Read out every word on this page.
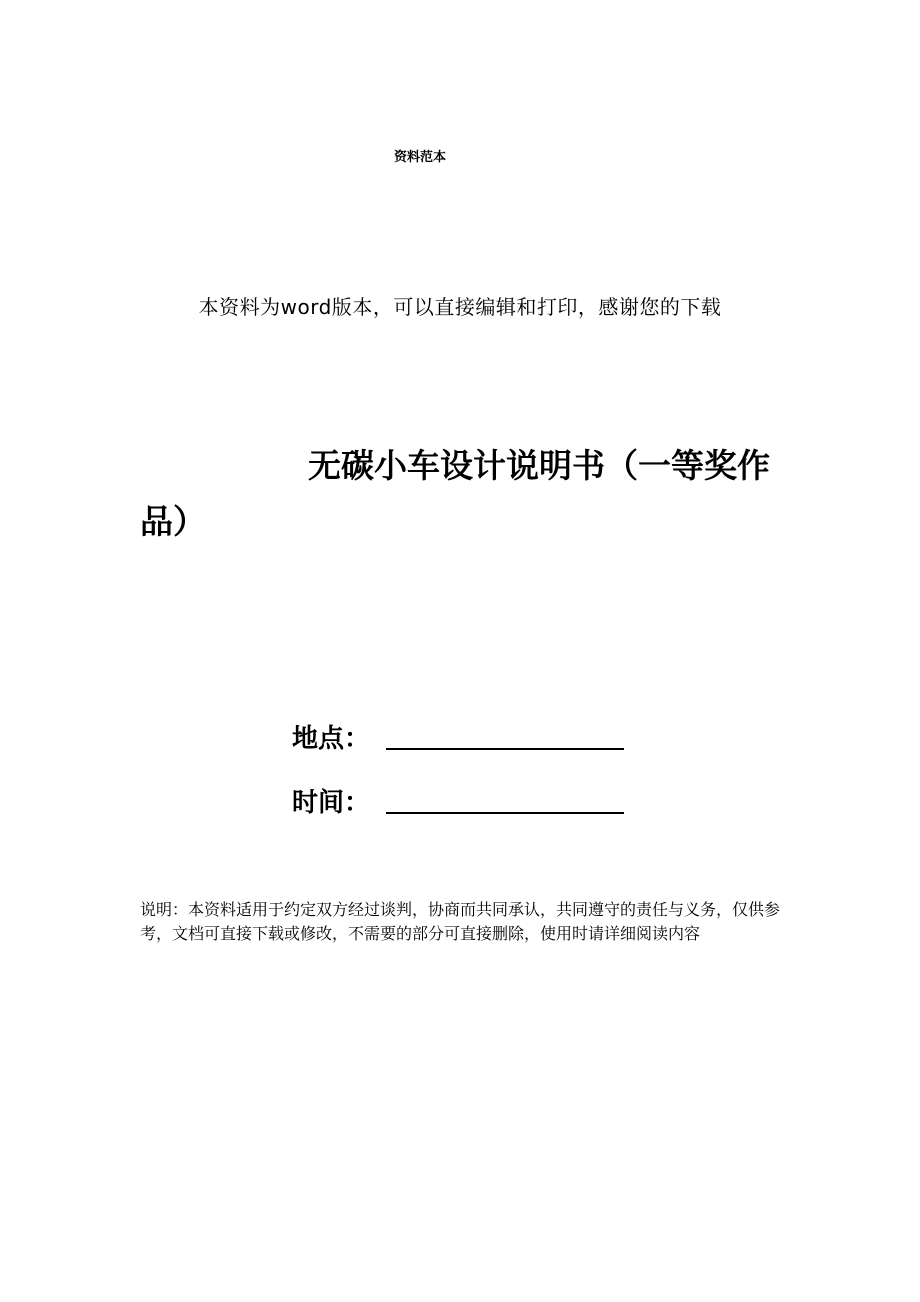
资料范本
本资料为word版本，可以直接编辑和打印，感谢您的下载
无碳小车设计说明书（一等奖作
品）
地点：
时间：
说明：本资料适用于约定双方经过谈判，协商而共同承认，共同遵守的责任与义务，仅供参考，文档可直接下载或修改，不需要的部分可直接删除，使用时请详细阅读内容
